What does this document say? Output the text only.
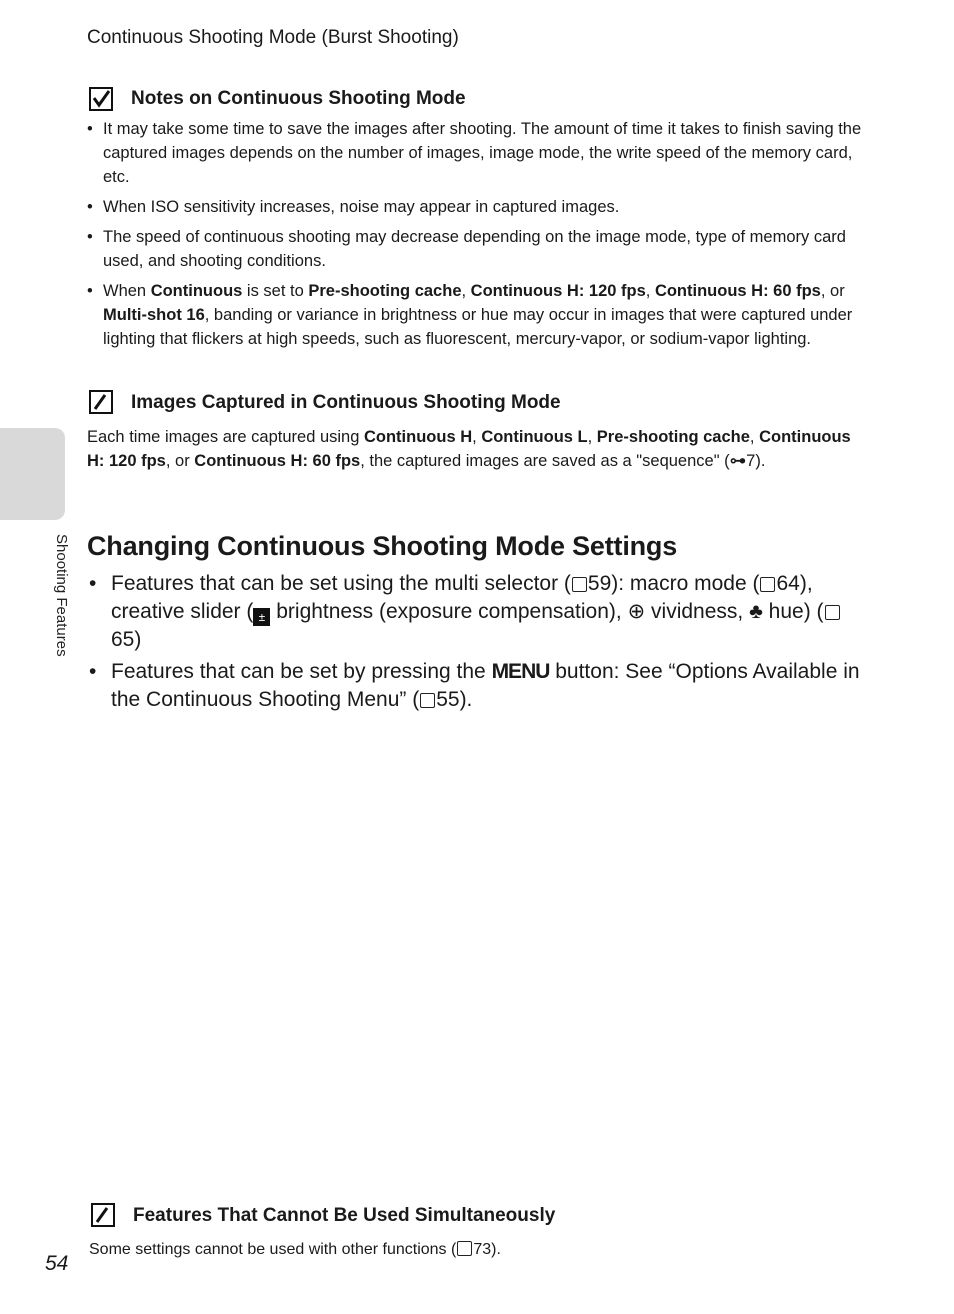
Continuous Shooting Mode (Burst Shooting)
Shooting Features
Notes on Continuous Shooting Mode
• It may take some time to save the images after shooting. The amount of time it takes to finish saving the captured images depends on the number of images, image mode, the write speed of the memory card, etc.
• When ISO sensitivity increases, noise may appear in captured images.
• The speed of continuous shooting may decrease depending on the image mode, type of memory card used, and shooting conditions.
• When Continuous is set to Pre-shooting cache, Continuous H: 120 fps, Continuous H: 60 fps, or Multi-shot 16, banding or variance in brightness or hue may occur in images that were captured under lighting that flickers at high speeds, such as fluorescent, mercury-vapor, or sodium-vapor lighting.
Images Captured in Continuous Shooting Mode
Each time images are captured using Continuous H, Continuous L, Pre-shooting cache, Continuous H: 120 fps, or Continuous H: 60 fps, the captured images are saved as a "sequence" (⊶7).
Changing Continuous Shooting Mode Settings
• Features that can be set using the multi selector ( 59): macro mode ( 64), creative slider ( ± brightness (exposure compensation), ⊕ vividness, ♣ hue) (65)
• Features that can be set by pressing the MENU button: See “Options Available in the Continuous Shooting Menu” ( 55).
Features That Cannot Be Used Simultaneously
Some settings cannot be used with other functions ( 73).
54
